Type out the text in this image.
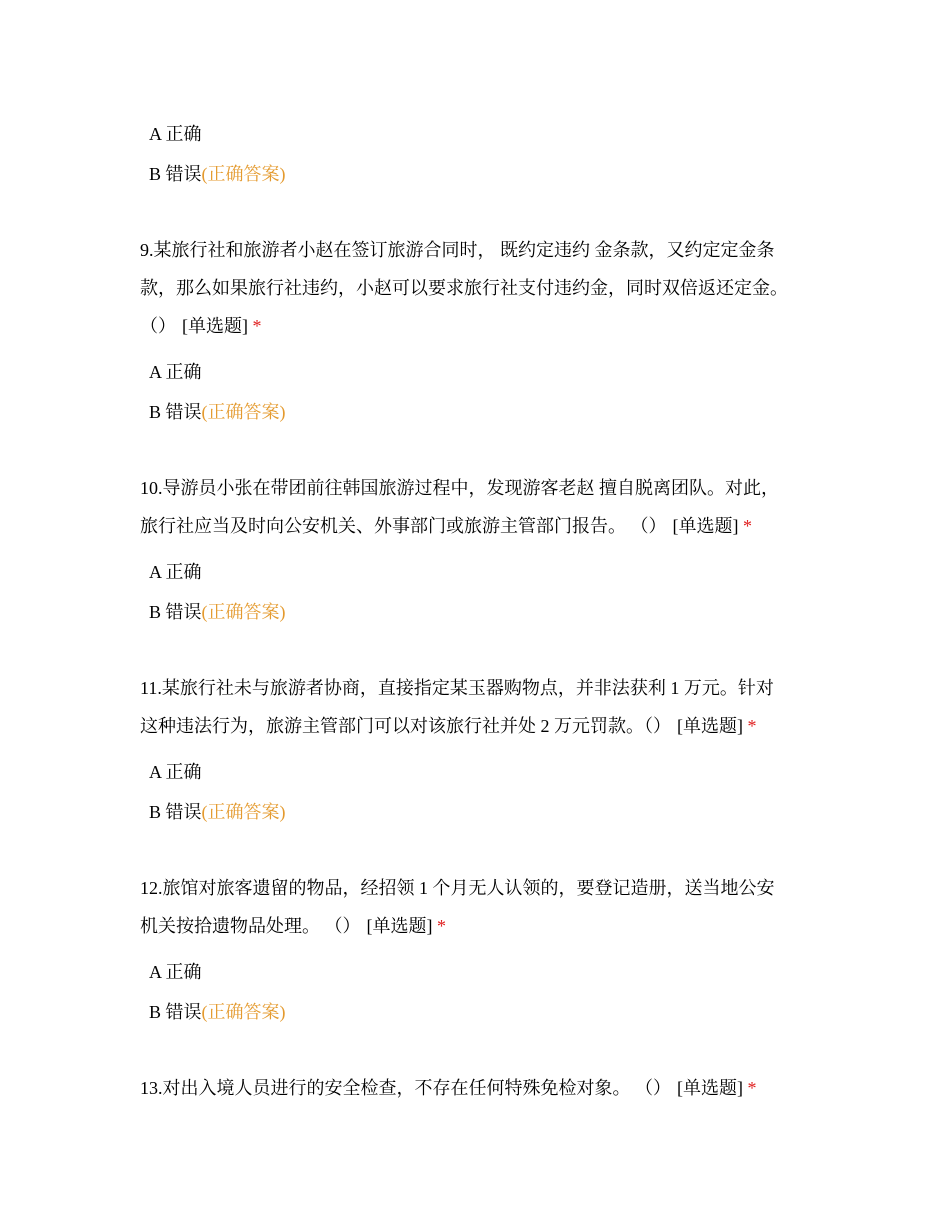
A 正确
B 错误(正确答案)
9.某旅行社和旅游者小赵在签订旅游合同时， 既约定违约 金条款，又约定定金条
款，那么如果旅行社违约，小赵可以要求旅行社支付违约金，同时双倍返还定金。
（） [单选题] *
A 正确
B 错误(正确答案)
10.导游员小张在带团前往韩国旅游过程中，发现游客老赵 擅自脱离团队。对此，
旅行社应当及时向公安机关、外事部门或旅游主管部门报告。 （） [单选题] *
A 正确
B 错误(正确答案)
11.某旅行社未与旅游者协商，直接指定某玉器购物点，并非法获利 1 万元。针对
这种违法行为，旅游主管部门可以对该旅行社并处 2 万元罚款。（） [单选题] *
A 正确
B 错误(正确答案)
12.旅馆对旅客遗留的物品，经招领 1 个月无人认领的，要登记造册，送当地公安
机关按拾遗物品处理。 （） [单选题] *
A 正确
B 错误(正确答案)
13.对出入境人员进行的安全检查，不存在任何特殊免检对象。 （） [单选题] *
